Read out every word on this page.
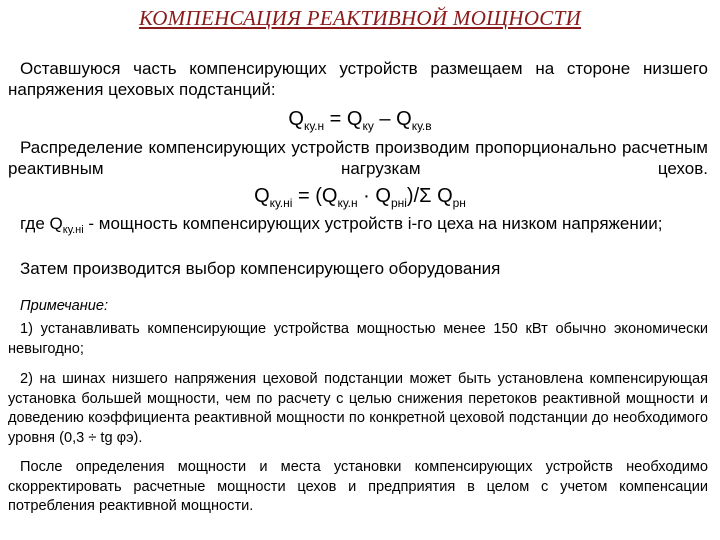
КОМПЕНСАЦИЯ РЕАКТИВНОЙ МОЩНОСТИ
Оставшуюся часть компенсирующих устройств размещаем на стороне низшего напряжения цеховых подстанций:
$Q_{ку.н} = Q_{ку} - Q_{ку.в}$
Распределение компенсирующих устройств производим пропорционально расчетным реактивным нагрузкам цехов.
$Q_{ку.нi} = (Q_{ку.н} \cdot Q_{рнi})/\Sigma$ $Q_{рн}$
где $Q_{ку.нi}$ - мощность компенсирующих устройств i-го цеха на низком напряжении;
Затем производится выбор компенсирующего оборудования
Примечание:
1) устанавливать компенсирующие устройства мощностью менее 150 кВт обычно экономически невыгодно;
2) на шинах низшего напряжения цеховой подстанции может быть установлена компенсирующая установка большей мощности, чем по расчету с целью снижения перетоков реактивной мощности и доведению коэффициента реактивной мощности по конкретной цеховой подстанции до необходимого уровня (0,3 ÷ tg φэ).
После определения мощности и места установки компенсирующих устройств необходимо скорректировать расчетные мощности цехов и предприятия в целом с учетом компенсации потребления реактивной мощности.
